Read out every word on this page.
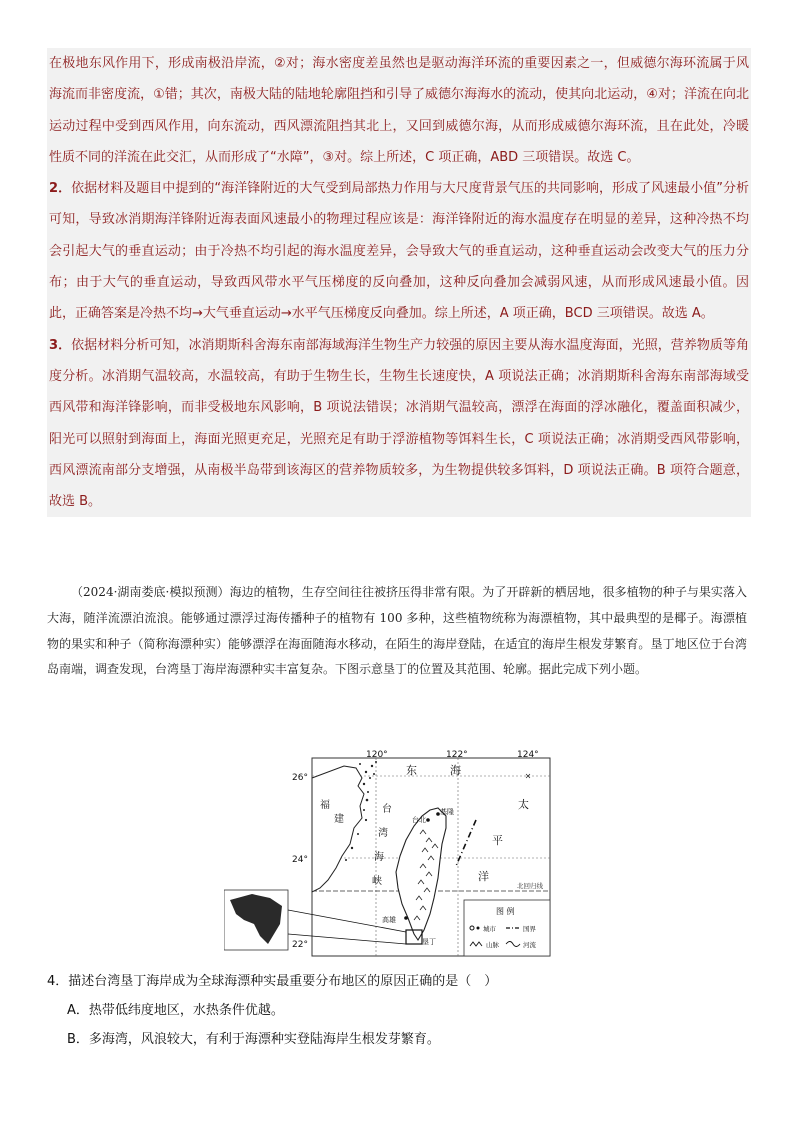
在极地东风作用下，形成南极沿岸流，②对；海水密度差虽然也是驱动海洋环流的重要因素之一，但威德尔海环流属于风海流而非密度流，①错；其次，南极大陆的陆地轮廓阻挡和引导了威德尔海海水的流动，使其向北运动，④对；洋流在向北运动过程中受到西风作用，向东流动，西风漂流阻挡其北上，又回到威德尔海，从而形成威德尔海环流，且在此处，冷暖性质不同的洋流在此交汇，从而形成了“水障”，③对。综上所述，C 项正确，ABD 三项错误。故选 C。

2．依据材料及题目中提到的“海洋锋附近的大气受到局部热力作用与大尺度背景气压的共同影响，形成了风速最小值”分析可知，导致冰消期海洋锋附近海表面风速最小的物理过程应该是：海洋锋附近的海水温度存在明显的差异，这种冷热不均会引起大气的垂直运动；由于冷热不均引起的海水温度差异，会导致大气的垂直运动，这种垂直运动会改变大气的压力分布；由于大气的垂直运动，导致西风带水平气压梯度的反向叠加，这种反向叠加会减弱风速，从而形成风速最小值。因此，正确答案是冷热不均→大气垂直运动→水平气压梯度反向叠加。综上所述，A 项正确，BCD 三项错误。故选 A。

3．依据材料分析可知，冰消期斯科舍海东南部海域海洋生物生产力较强的原因主要从海水温度海面，光照，营养物质等角度分析。冰消期气温较高，水温较高，有助于生物生长，生物生长速度快，A 项说法正确；冰消期斯科舍海东南部海域受西风带和海洋锋影响，而非受极地东风影响，B 项说法错误；冰消期气温较高，漂浮在海面的浮冰融化，覆盖面积减少，阳光可以照射到海面上，海面光照更充足，光照充足有助于浮游植物等饵料生长，C 项说法正确；冰消期受西风带影响，西风漂流南部分支增强，从南极半岛带到该海区的营养物质较多，为生物提供较多饵料，D 项说法正确。B 项符合题意，故选 B。

（2024·湖南娄底·模拟预测）海边的植物，生存空间往往被挤压得非常有限。为了开辟新的栖居地，很多植物的种子与果实落入大海，随洋流漂泊流浪。能够通过漂浮过海传播种子的植物有 100 多种，这些植物统称为海漂植物，其中最典型的是椰子。海漂植物的果实和种子（简称海漂种实）能够漂浮在海面随海水移动，在陌生的海岸登陆，在适宜的海岸生根发芽繁育。垦丁地区位于台湾岛南端，调查发现，台湾垦丁海岸海漂种实丰富复杂。下图示意垦丁的位置及其范围、轮廓。据此完成下列小题。
北回归线
120°	122°	124°
26°
24°
22°
福
建	台北
基隆
高雄
垦丁
东	海
台
湾
海
峡
太
平
洋
图 例
城市	国界
山脉	河流

4．描述台湾垦丁海岸成为全球海漂种实最重要分布地区的原因正确的是（　）

A．热带低纬度地区，水热条件优越。

B．多海湾，风浪较大，有利于海漂种实登陆海岸生根发芽繁育。
